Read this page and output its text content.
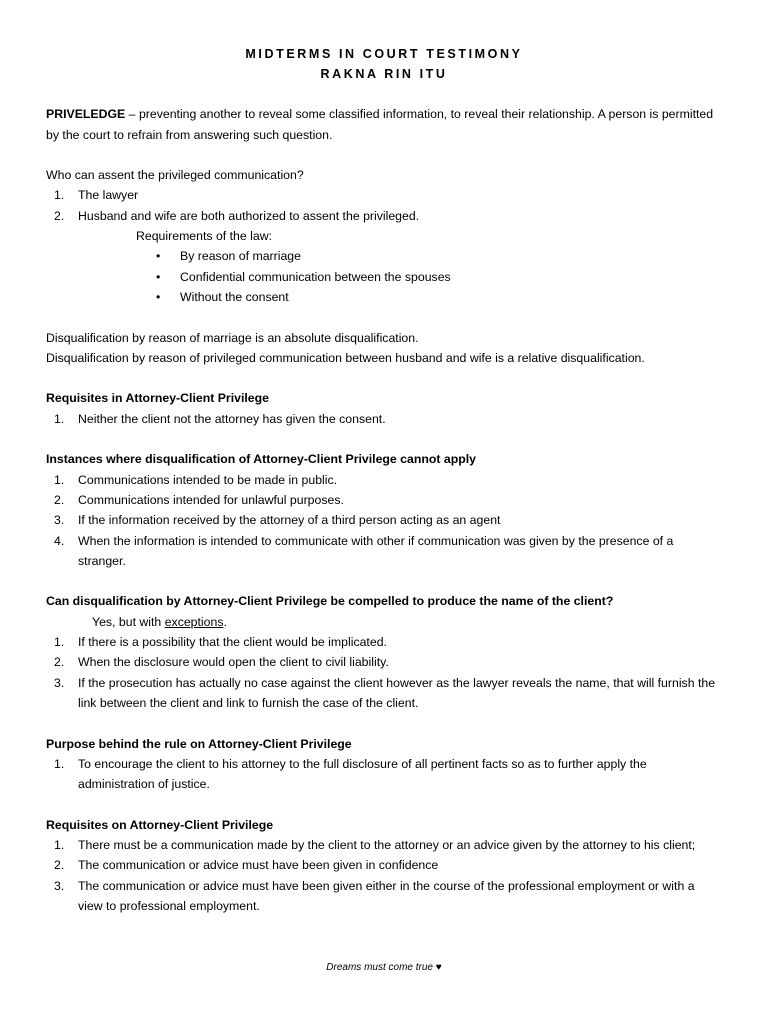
MIDTERMS IN COURT TESTIMONY

RAKNA RIN ITU

PRIVELEDGE – preventing another to reveal some classified information, to reveal their relationship. A person is permitted by the court to refrain from answering such question.

Who can assent the privileged communication?

1.	The lawyer
2.	Husband and wife are both authorized to assent the privileged.

Requirements of the law:

•	By reason of marriage
•	Confidential communication between the spouses
•	Without the consent

Disqualification by reason of marriage is an absolute disqualification.

Disqualification by reason of privileged communication between husband and wife is a relative disqualification.

Requisites in Attorney-Client Privilege

1.	Neither the client not the attorney has given the consent.

Instances where disqualification of Attorney-Client Privilege cannot apply

1.	Communications intended to be made in public.
2.	Communications intended for unlawful purposes.
3.	If the information received by the attorney of a third person acting as an agent
4.	When the information is intended to communicate with other if communication was given by the presence of a stranger.

Can disqualification by Attorney-Client Privilege be compelled to produce the name of the client?

Yes, but with exceptions.

1.	If there is a possibility that the client would be implicated.
2.	When the disclosure would open the client to civil liability.
3.	If the prosecution has actually no case against the client however as the lawyer reveals the name, that will furnish the link between the client and link to furnish the case of the client.

Purpose behind the rule on Attorney-Client Privilege

1.	To encourage the client to his attorney to the full disclosure of all pertinent facts so as to further apply the administration of justice.

Requisites on Attorney-Client Privilege

1.	There must be a communication made by the client to the attorney or an advice given by the attorney to his client;
2.	The communication or advice must have been given in confidence
3.	The communication or advice must have been given either in the course of the professional employment or with a view to professional employment.
Dreams must come true ♥
